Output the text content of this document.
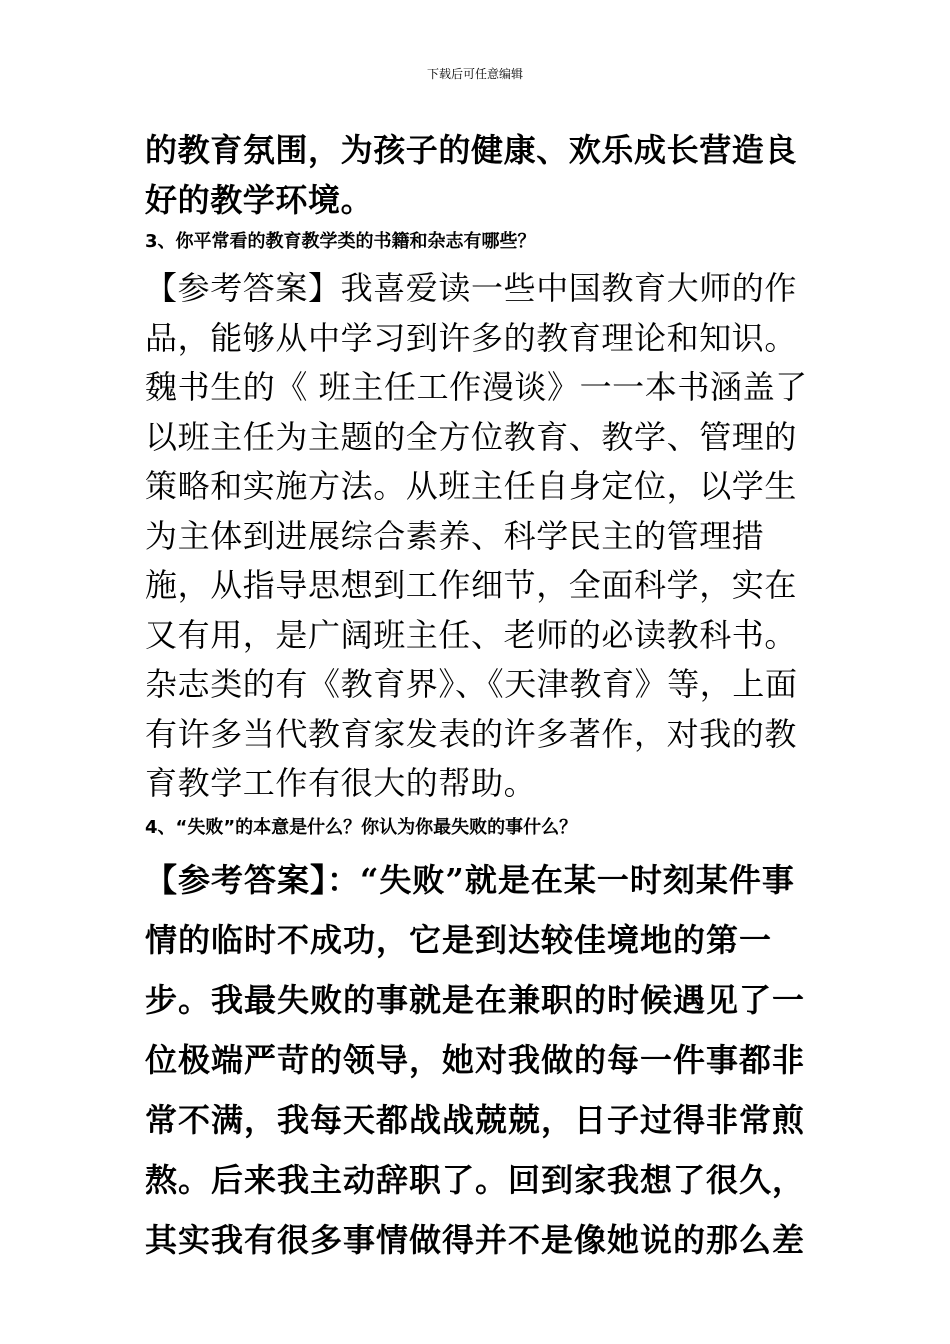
下载后可任意编辑

的教育氛围，为孩子的健康、欢乐成长营造良好的教学环境。

3、你平常看的教育教学类的书籍和杂志有哪些？

【参考答案】我喜爱读一些中国教育大师的作品，能够从中学习到许多的教育理论和知识。魏书生的《 班主任工作漫谈》一一本书涵盖了以班主任为主题的全方位教育、教学、管理的策略和实施方法。从班主任自身定位，以学生为主体到进展综合素养、科学民主的管理措施，从指导思想到工作细节，全面科学，实在又有用，是广阔班主任、老师的必读教科书。杂志类的有《教育界》、《天津教育》等，上面有许多当代教育家发表的许多著作，对我的教育教学工作有很大的帮助。

4、“失败”的本意是什么？你认为你最失败的事什么？

【参考答案】：“失败”就是在某一时刻某件事情的临时不成功，它是到达较佳境地的第一步。我最失败的事就是在兼职的时候遇见了一位极端严苛的领导，她对我做的每一件事都非常不满，我每天都战战兢兢，日子过得非常煎熬。后来我主动辞职了。回到家我想了很久，其实我有很多事情做得并不是像她说的那么差
